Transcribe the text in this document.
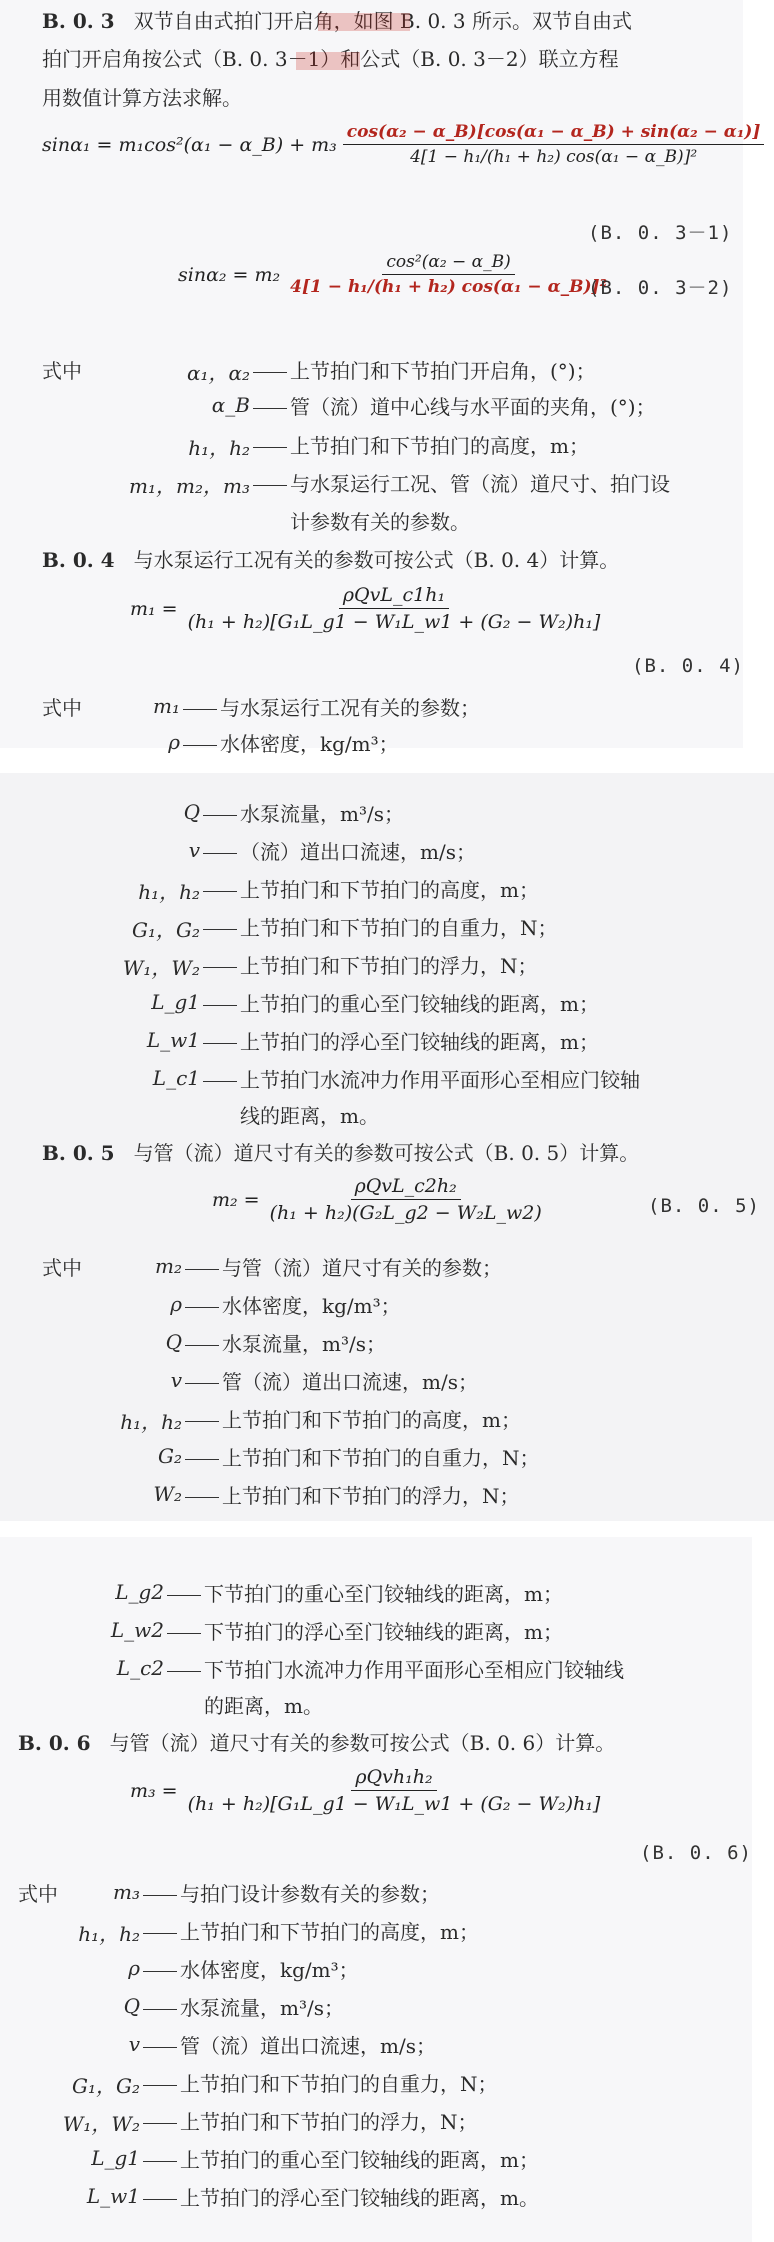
B. 0. 3 双节自由式拍门开启角，如图 B. 0. 3 所示。双节自由式
拍门开启角按公式（B. 0. 3－1）和公式（B. 0. 3－2）联立方程
用数值计算方法求解。
sinα₁ = m₁cos²(α₁ − α_B) + $m_3 \frac{\text{cos(α₂ − α\_B)[cos(α₁ − α\_B) + sin(α₂ − α₁)]}}{\text{4[1 − h₁/(h₁ + h₂) cos(α₁ − α\_B)]²}}$
(B. 0. 3－1)
$\sin\alpha_2 = m_2 \frac{\text{cos²(α₂ − α\_B)}}{\text{4[1 − h₁/(h₁ + h₂) cos(α₁ − α\_B)]²}}$
(B. 0. 3－2)
式中	α₁，α₂	上节拍门和下节拍门开启角，(°)；
α_B	管（流）道中心线与水平面的夹角，(°)；
h₁，h₂	上节拍门和下节拍门的高度，m；
m₁，m₂，m₃	与水泵运行工况、管（流）道尺寸、拍门设
计参数有关的参数。
B. 0. 4 与水泵运行工况有关的参数可按公式（B. 0. 4）计算。
$m_1 = \frac{\text{ρQvL\_c1h₁}}{\text{(h₁ + h₂)[G₁L\_g1 − W₁L\_w1 + (G₂ − W₂)h₁]}}$
(B. 0. 4)
式中	m₁	与水泵运行工况有关的参数；
ρ	水体密度，kg/m³；
Q	水泵流量，m³/s；
v	（流）道出口流速，m/s；
h₁，h₂	上节拍门和下节拍门的高度，m；
G₁，G₂	上节拍门和下节拍门的自重力，N；
W₁，W₂	上节拍门和下节拍门的浮力，N；
L_g1	上节拍门的重心至门铰轴线的距离，m；
L_w1	上节拍门的浮心至门铰轴线的距离，m；
L_c1	上节拍门水流冲力作用平面形心至相应门铰轴
线的距离，m。
B. 0. 5 与管（流）道尺寸有关的参数可按公式（B. 0. 5）计算。
$m_2 = \frac{\text{ρQvL\_c2h₂}}{\text{(h₁ + h₂)(G₂L\_g2 − W₂L\_w2)}}$	(B. 0. 5)
式中	m₂	与管（流）道尺寸有关的参数；
ρ	水体密度，kg/m³；
Q	水泵流量，m³/s；
v	管（流）道出口流速，m/s；
h₁，h₂	上节拍门和下节拍门的高度，m；
G₂	上节拍门和下节拍门的自重力，N；
W₂	上节拍门和下节拍门的浮力，N；
L_g2	下节拍门的重心至门铰轴线的距离，m；
L_w2	下节拍门的浮心至门铰轴线的距离，m；
L_c2	下节拍门水流冲力作用平面形心至相应门铰轴线
的距离，m。
B. 0. 6 与管（流）道尺寸有关的参数可按公式（B. 0. 6）计算。
$m_3 = \frac{\text{ρQvh₁h₂}}{\text{(h₁ + h₂)[G₁L\_g1 − W₁L\_w1 + (G₂ − W₂)h₁]}}$
(B. 0. 6)
式中	m₃	与拍门设计参数有关的参数；
h₁，h₂	上节拍门和下节拍门的高度，m；
ρ	水体密度，kg/m³；
Q	水泵流量，m³/s；
v	管（流）道出口流速，m/s；
G₁，G₂	上节拍门和下节拍门的自重力，N；
W₁，W₂	上节拍门和下节拍门的浮力，N；
L_g1	上节拍门的重心至门铰轴线的距离，m；
L_w1	上节拍门的浮心至门铰轴线的距离，m。
